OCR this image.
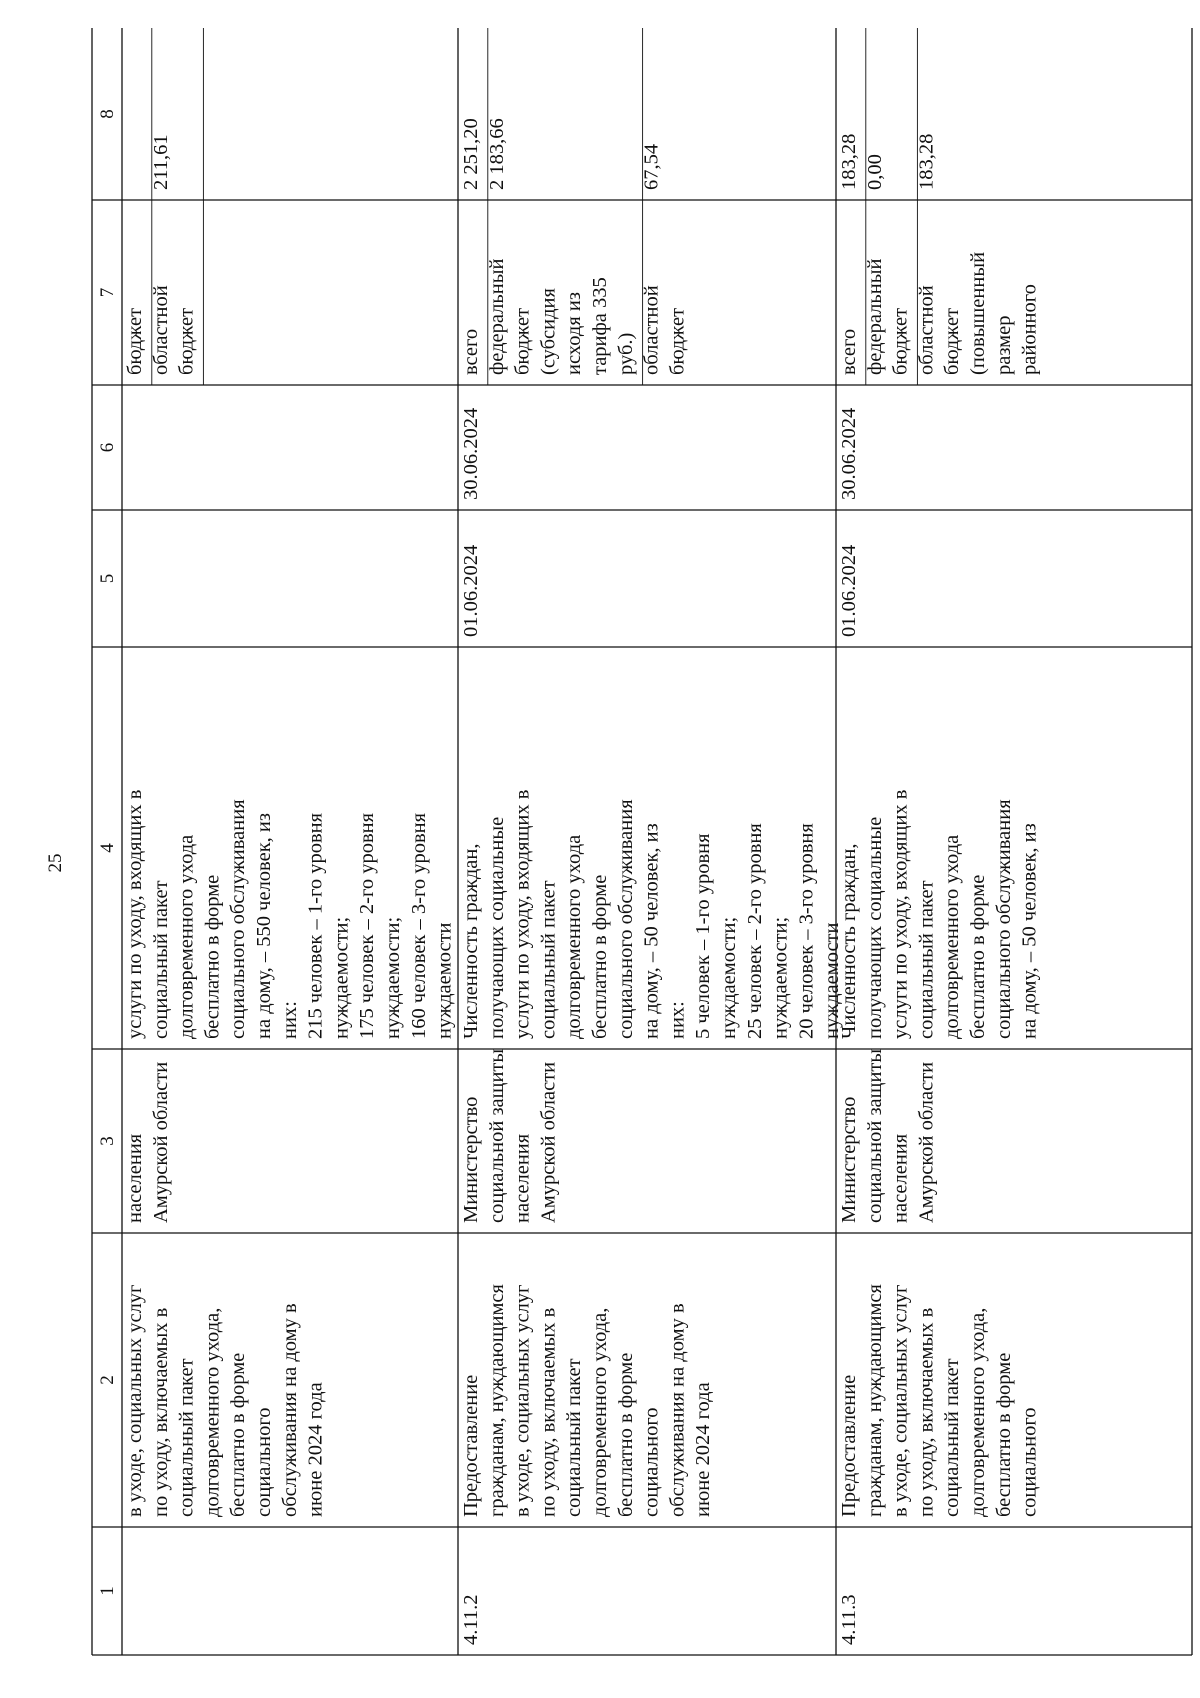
25
1
2
3
4
5
6
7
8
в уходе, социальных услуг по уходу, включаемых в социальный пакет долговременного ухода, бесплатно в форме социального обслуживания на дому в июне 2024 года
населения Амурской области
услуги по уходу, входящих в социальный пакет долговременного ухода бесплатно в форме социального обслуживания на дому, – 550 человек, из них: 215 человек – 1-го уровня нуждаемости; 175 человек – 2-го уровня нуждаемости; 160 человек – 3-го уровня нуждаемости
бюджет областной бюджет
211,61
4.11.2
Предоставление гражданам, нуждающимся в уходе, социальных услуг по уходу, включаемых в социальный пакет долговременного ухода, бесплатно в форме социального обслуживания на дому в июне 2024 года
Министерство социальной защиты населения Амурской области
Численность граждан, получающих социальные услуги по уходу, входящих в социальный пакет долговременного ухода бесплатно в форме социального обслуживания на дому, – 50 человек, из них: 5 человек – 1-го уровня нуждаемости; 25 человек – 2-го уровня нуждаемости; 20 человек – 3-го уровня нуждаемости
01.06.2024
30.06.2024
всего
2 251,20
федеральный бюджет (субсидия исходя из тарифа 335 руб.)
2 183,66
областной бюджет
67,54
4.11.3
Предоставление гражданам, нуждающимся в уходе, социальных услуг по уходу, включаемых в социальный пакет долговременного ухода, бесплатно в форме социального
Министерство социальной защиты населения Амурской области
Численность граждан, получающих социальные услуги по уходу, входящих в социальный пакет долговременного ухода бесплатно в форме социального обслуживания на дому, – 50 человек, из
01.06.2024
30.06.2024
всего
183,28
федеральный бюджет
0,00
областной бюджет (повышенный размер районного
183,28
